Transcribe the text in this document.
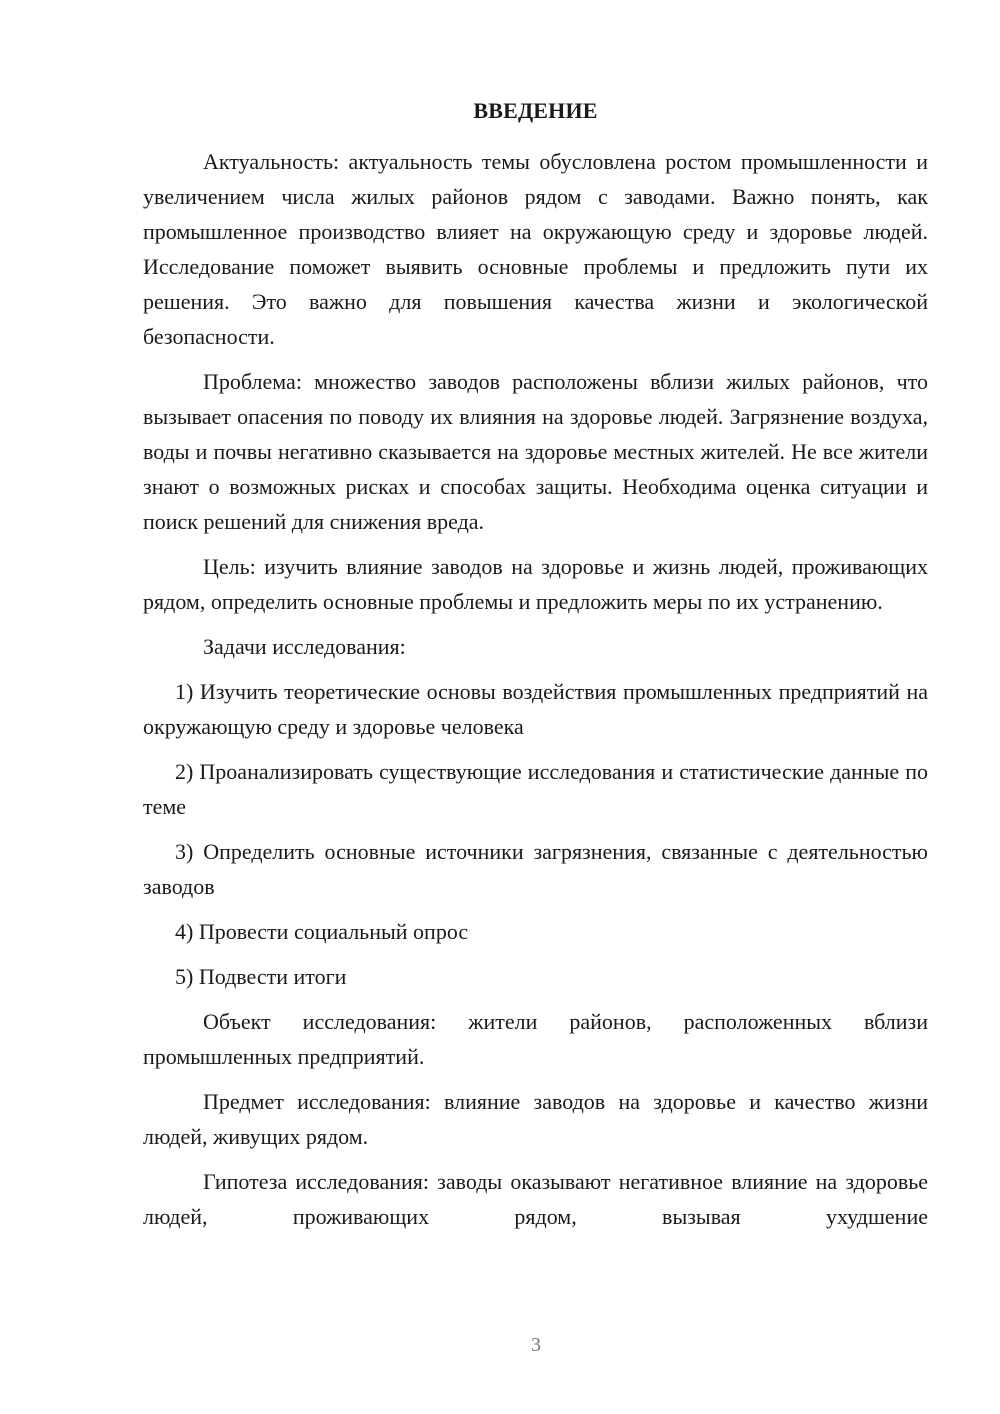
ВВЕДЕНИЕ

Актуальность: актуальность темы обусловлена ростом промышленности и увеличением числа жилых районов рядом с заводами. Важно понять, как промышленное производство влияет на окружающую среду и здоровье людей. Исследование поможет выявить основные проблемы и предложить пути их решения. Это важно для повышения качества жизни и экологической безопасности.

Проблема: множество заводов расположены вблизи жилых районов, что вызывает опасения по поводу их влияния на здоровье людей. Загрязнение воздуха, воды и почвы негативно сказывается на здоровье местных жителей. Не все жители знают о возможных рисках и способах защиты. Необходима оценка ситуации и поиск решений для снижения вреда.

Цель: изучить влияние заводов на здоровье и жизнь людей, проживающих рядом, определить основные проблемы и предложить меры по их устранению.

Задачи исследования:

1) Изучить теоретические основы воздействия промышленных предприятий на окружающую среду и здоровье человека

2) Проанализировать существующие исследования и статистические данные по теме

3) Определить основные источники загрязнения, связанные с деятельностью заводов

4) Провести социальный опрос

5) Подвести итоги

Объект исследования: жители районов, расположенных вблизи промышленных предприятий.

Предмет исследования: влияние заводов на здоровье и качество жизни людей, живущих рядом.

Гипотеза исследования: заводы оказывают негативное влияние на здоровье людей, проживающих рядом, вызывая ухудшение

3
